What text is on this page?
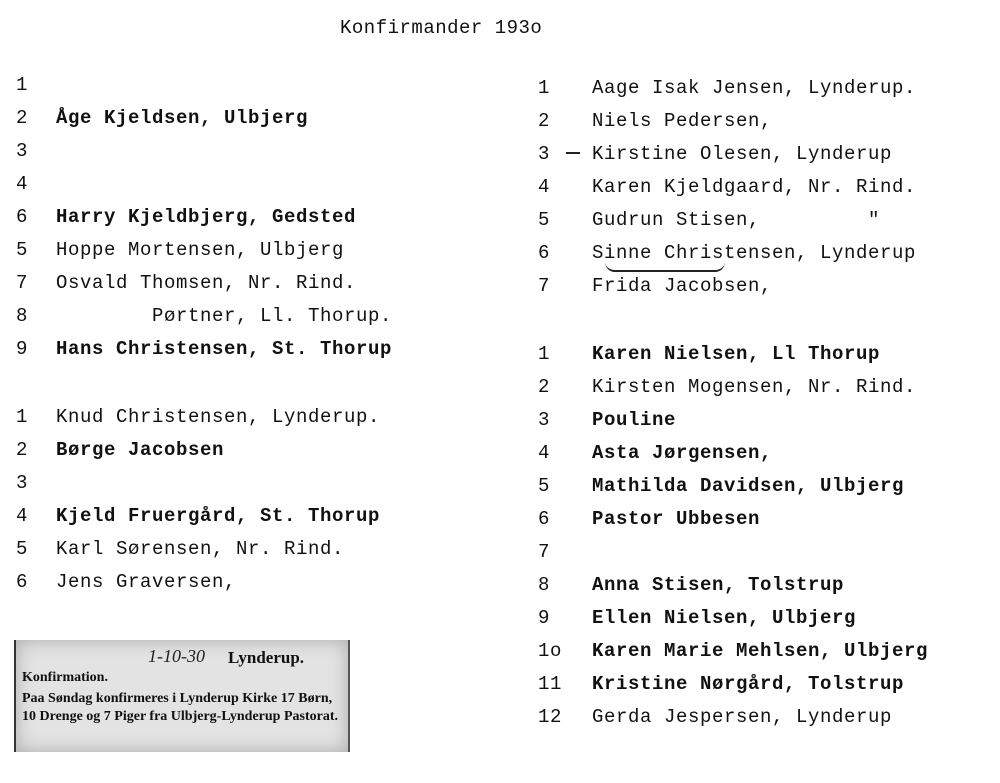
Konfirmander 193o
1
2 Åge Kjeldsen, Ulbjerg
3
4
6 Harry Kjeldbjerg, Gedsted
5 Hoppe Mortensen, Ulbjerg
7 Osvald Thomsen, Nr. Rind.
8 Pørtner, Ll. Thorup.
9 Hans Christensen, St. Thorup
1 Knud Christensen, Lynderup.
2 Børge Jacobsen
3
4 Kjeld Fruergård, St. Thorup
5 Karl Sørensen, Nr. Rind.
6 Jens Graversen,
1 Aage Isak Jensen, Lynderup.
2 Niels Pedersen,
3 Kirstine Olesen, Lynderup
4 Karen Kjeldgaard, Nr. Rind.
5 Gudrun Stisen,         "
6 Sinne Christensen, Lynderup
7 Frida Jacobsen,
1 Karen Nielsen, Ll Thorup
2 Kirsten Mogensen, Nr. Rind.
3 Pouline
4 Asta Jørgensen,
5 Mathilda Davidsen, Ulbjerg
6 Pastor Ubbesen
7
8 Anna Stisen, Tolstrup
9 Ellen Nielsen, Ulbjerg
1o Karen Marie Mehlsen, Ulbjerg
11 Kristine Nørgård, Tolstrup
12 Gerda Jespersen, Lynderup
1-10-30 Lynderup.
Konfirmation.
Paa Søndag konfirmeres i Lynderup Kirke 17 Børn, 10 Drenge og 7 Piger fra Ulbjerg-Lynderup Pastorat.
